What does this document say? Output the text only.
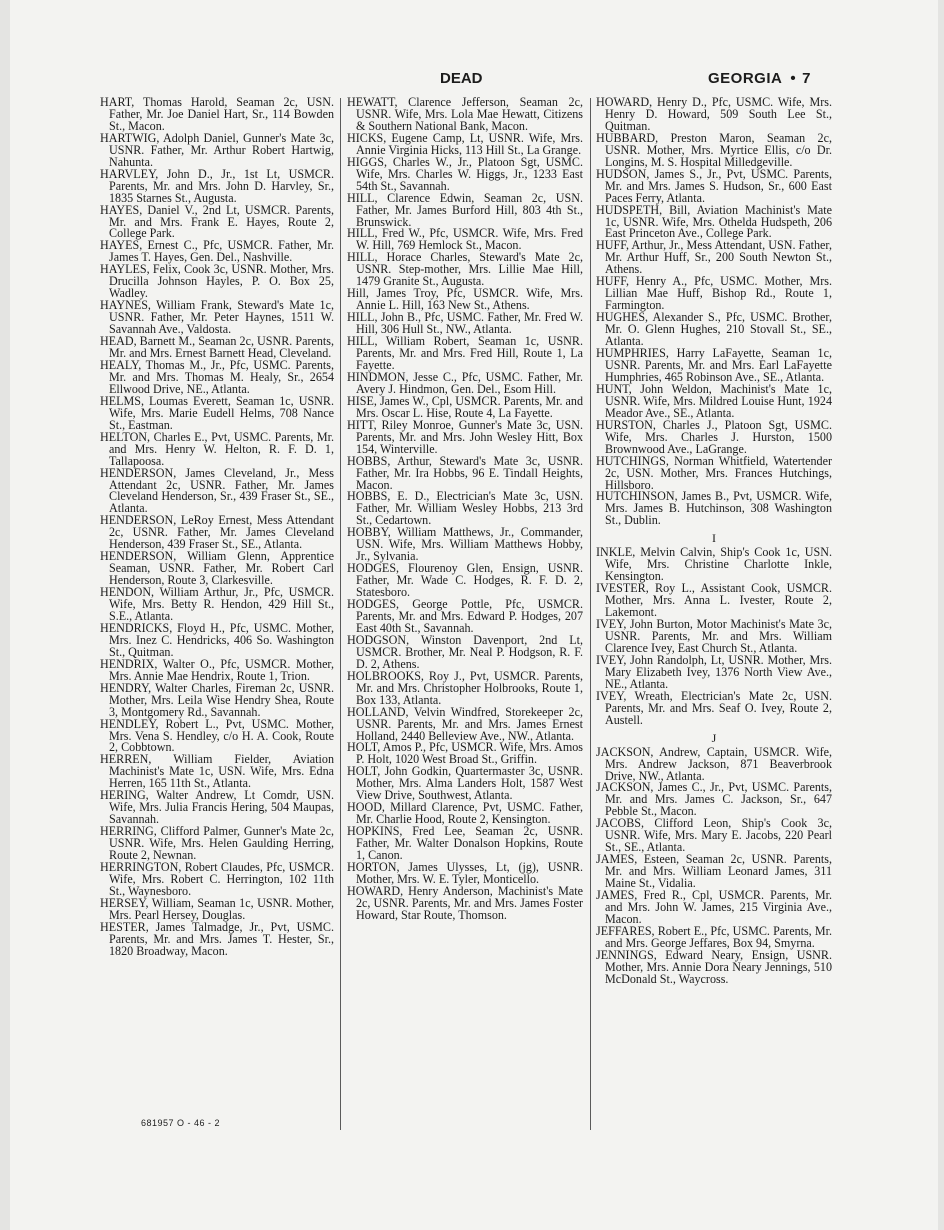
DEAD	GEORGIA • 7

HART, Thomas Harold, Seaman 2c, USN. Father, Mr. Joe Daniel Hart, Sr., 114 Bowden St., Macon.

HARTWIG, Adolph Daniel, Gunner's Mate 3c, USNR. Father, Mr. Arthur Robert Hartwig, Nahunta.

HARVLEY, John D., Jr., 1st Lt, USMCR. Parents, Mr. and Mrs. John D. Harvley, Sr., 1835 Starnes St., Augusta.

HAYES, Daniel V., 2nd Lt, USMCR. Parents, Mr. and Mrs. Frank E. Hayes, Route 2, College Park.

HAYES, Ernest C., Pfc, USMCR. Father, Mr. James T. Hayes, Gen. Del., Nashville.

HAYLES, Felix, Cook 3c, USNR. Mother, Mrs. Drucilla Johnson Hayles, P. O. Box 25, Wadley.

HAYNES, William Frank, Steward's Mate 1c, USNR. Father, Mr. Peter Haynes, 1511 W. Savannah Ave., Valdosta.

HEAD, Barnett M., Seaman 2c, USNR. Parents, Mr. and Mrs. Ernest Barnett Head, Cleveland.

HEALY, Thomas M., Jr., Pfc, USMC. Parents, Mr. and Mrs. Thomas M. Healy, Sr., 2654 Ellwood Drive, NE., Atlanta.

HELMS, Loumas Everett, Seaman 1c, USNR. Wife, Mrs. Marie Eudell Helms, 708 Nance St., Eastman.

HELTON, Charles E., Pvt, USMC. Parents, Mr. and Mrs. Henry W. Helton, R. F. D. 1, Tallapoosa.

HENDERSON, James Cleveland, Jr., Mess Attendant 2c, USNR. Father, Mr. James Cleveland Henderson, Sr., 439 Fraser St., SE., Atlanta.

HENDERSON, LeRoy Ernest, Mess Attendant 2c, USNR. Father, Mr. James Cleveland Henderson, 439 Fraser St., SE., Atlanta.

HENDERSON, William Glenn, Apprentice Seaman, USNR. Father, Mr. Robert Carl Henderson, Route 3, Clarkesville.

HENDON, William Arthur, Jr., Pfc, USMCR. Wife, Mrs. Betty R. Hendon, 429 Hill St., S.E., Atlanta.

HENDRICKS, Floyd H., Pfc, USMC. Mother, Mrs. Inez C. Hendricks, 406 So. Washington St., Quitman.

HENDRIX, Walter O., Pfc, USMCR. Mother, Mrs. Annie Mae Hendrix, Route 1, Trion.

HENDRY, Walter Charles, Fireman 2c, USNR. Mother, Mrs. Leila Wise Hendry Shea, Route 3, Montgomery Rd., Savannah.

HENDLEY, Robert L., Pvt, USMC. Mother, Mrs. Vena S. Hendley, c/o H. A. Cook, Route 2, Cobbtown.

HERREN, William Fielder, Aviation Machinist's Mate 1c, USN. Wife, Mrs. Edna Herren, 165 11th St., Atlanta.

HERING, Walter Andrew, Lt Comdr, USN. Wife, Mrs. Julia Francis Hering, 504 Maupas, Savannah.

HERRING, Clifford Palmer, Gunner's Mate 2c, USNR. Wife, Mrs. Helen Gaulding Herring, Route 2, Newnan.

HERRINGTON, Robert Claudes, Pfc, USMCR. Wife, Mrs. Robert C. Herrington, 102 11th St., Waynesboro.

HERSEY, William, Seaman 1c, USNR. Mother, Mrs. Pearl Hersey, Douglas.

HESTER, James Talmadge, Jr., Pvt, USMC. Parents, Mr. and Mrs. James T. Hester, Sr., 1820 Broadway, Macon.

HEWATT, Clarence Jefferson, Seaman 2c, USNR. Wife, Mrs. Lola Mae Hewatt, Citizens & Southern National Bank, Macon.

HICKS, Eugene Camp, Lt, USNR. Wife, Mrs. Annie Virginia Hicks, 113 Hill St., La Grange.

HIGGS, Charles W., Jr., Platoon Sgt, USMC. Wife, Mrs. Charles W. Higgs, Jr., 1233 East 54th St., Savannah.

HILL, Clarence Edwin, Seaman 2c, USN. Father, Mr. James Burford Hill, 803 4th St., Brunswick.

HILL, Fred W., Pfc, USMCR. Wife, Mrs. Fred W. Hill, 769 Hemlock St., Macon.

HILL, Horace Charles, Steward's Mate 2c, USNR. Step-mother, Mrs. Lillie Mae Hill, 1479 Granite St., Augusta.

Hill, James Troy, Pfc, USMCR. Wife, Mrs. Annie L. Hill, 163 New St., Athens.

HILL, John B., Pfc, USMC. Father, Mr. Fred W. Hill, 306 Hull St., NW., Atlanta.

HILL, William Robert, Seaman 1c, USNR. Parents, Mr. and Mrs. Fred Hill, Route 1, La Fayette.

HINDMON, Jesse C., Pfc, USMC. Father, Mr. Avery J. Hindmon, Gen. Del., Esom Hill.

HISE, James W., Cpl, USMCR. Parents, Mr. and Mrs. Oscar L. Hise, Route 4, La Fayette.

HITT, Riley Monroe, Gunner's Mate 3c, USN. Parents, Mr. and Mrs. John Wesley Hitt, Box 154, Winterville.

HOBBS, Arthur, Steward's Mate 3c, USNR. Father, Mr. Ira Hobbs, 96 E. Tindall Heights, Macon.

HOBBS, E. D., Electrician's Mate 3c, USN. Father, Mr. William Wesley Hobbs, 213 3rd St., Cedartown.

HOBBY, William Matthews, Jr., Commander, USN. Wife, Mrs. William Matthews Hobby, Jr., Sylvania.

HODGES, Flourenoy Glen, Ensign, USNR. Father, Mr. Wade C. Hodges, R. F. D. 2, Statesboro.

HODGES, George Pottle, Pfc, USMCR. Parents, Mr. and Mrs. Edward P. Hodges, 207 East 40th St., Savannah.

HODGSON, Winston Davenport, 2nd Lt, USMCR. Brother, Mr. Neal P. Hodgson, R. F. D. 2, Athens.

HOLBROOKS, Roy J., Pvt, USMCR. Parents, Mr. and Mrs. Christopher Holbrooks, Route 1, Box 133, Atlanta.

HOLLAND, Velvin Windfred, Storekeeper 2c, USNR. Parents, Mr. and Mrs. James Ernest Holland, 2440 Belleview Ave., NW., Atlanta.

HOLT, Amos P., Pfc, USMCR. Wife, Mrs. Amos P. Holt, 1020 West Broad St., Griffin.

HOLT, John Godkin, Quartermaster 3c, USNR. Mother, Mrs. Alma Landers Holt, 1587 West View Drive, Southwest, Atlanta.

HOOD, Millard Clarence, Pvt, USMC. Father, Mr. Charlie Hood, Route 2, Kensington.

HOPKINS, Fred Lee, Seaman 2c, USNR. Father, Mr. Walter Donalson Hopkins, Route 1, Canon.

HORTON, James Ulysses, Lt, (jg), USNR. Mother, Mrs. W. E. Tyler, Monticello.

HOWARD, Henry Anderson, Machinist's Mate 2c, USNR. Parents, Mr. and Mrs. James Foster Howard, Star Route, Thomson.

HOWARD, Henry D., Pfc, USMC. Wife, Mrs. Henry D. Howard, 509 South Lee St., Quitman.

HUBBARD, Preston Maron, Seaman 2c, USNR. Mother, Mrs. Myrtice Ellis, c/o Dr. Longins, M. S. Hospital Milledgeville.

HUDSON, James S., Jr., Pvt, USMC. Parents, Mr. and Mrs. James S. Hudson, Sr., 600 East Paces Ferry, Atlanta.

HUDSPETH, Bill, Aviation Machinist's Mate 1c, USNR. Wife, Mrs. Othelda Hudspeth, 206 East Princeton Ave., College Park.

HUFF, Arthur, Jr., Mess Attendant, USN. Father, Mr. Arthur Huff, Sr., 200 South Newton St., Athens.

HUFF, Henry A., Pfc, USMC. Mother, Mrs. Lillian Mae Huff, Bishop Rd., Route 1, Farmington.

HUGHES, Alexander S., Pfc, USMC. Brother, Mr. O. Glenn Hughes, 210 Stovall St., SE., Atlanta.

HUMPHRIES, Harry LaFayette, Seaman 1c, USNR. Parents, Mr. and Mrs. Earl LaFayette Humphries, 465 Robinson Ave., SE., Atlanta.

HUNT, John Weldon, Machinist's Mate 1c, USNR. Wife, Mrs. Mildred Louise Hunt, 1924 Meador Ave., SE., Atlanta.

HURSTON, Charles J., Platoon Sgt, USMC. Wife, Mrs. Charles J. Hurston, 1500 Brownwood Ave., LaGrange.

HUTCHINGS, Norman Whitfield, Watertender 2c, USN. Mother, Mrs. Frances Hutchings, Hillsboro.

HUTCHINSON, James B., Pvt, USMCR. Wife, Mrs. James B. Hutchinson, 308 Washington St., Dublin.

I

INKLE, Melvin Calvin, Ship's Cook 1c, USN. Wife, Mrs. Christine Charlotte Inkle, Kensington.

IVESTER, Roy L., Assistant Cook, USMCR. Mother, Mrs. Anna L. Ivester, Route 2, Lakemont.

IVEY, John Burton, Motor Machinist's Mate 3c, USNR. Parents, Mr. and Mrs. William Clarence Ivey, East Church St., Atlanta.

IVEY, John Randolph, Lt, USNR. Mother, Mrs. Mary Elizabeth Ivey, 1376 North View Ave., NE., Atlanta.

IVEY, Wreath, Electrician's Mate 2c, USN. Parents, Mr. and Mrs. Seaf O. Ivey, Route 2, Austell.

J

JACKSON, Andrew, Captain, USMCR. Wife, Mrs. Andrew Jackson, 871 Beaverbrook Drive, NW., Atlanta.

JACKSON, James C., Jr., Pvt, USMC. Parents, Mr. and Mrs. James C. Jackson, Sr., 647 Pebble St., Macon.

JACOBS, Clifford Leon, Ship's Cook 3c, USNR. Wife, Mrs. Mary E. Jacobs, 220 Pearl St., SE., Atlanta.

JAMES, Esteen, Seaman 2c, USNR. Parents, Mr. and Mrs. William Leonard James, 311 Maine St., Vidalia.

JAMES, Fred R., Cpl, USMCR. Parents, Mr. and Mrs. John W. James, 215 Virginia Ave., Macon.

JEFFARES, Robert E., Pfc, USMC. Parents, Mr. and Mrs. George Jeffares, Box 94, Smyrna.

JENNINGS, Edward Neary, Ensign, USNR. Mother, Mrs. Annie Dora Neary Jennings, 510 McDonald St., Waycross.

681957 O - 46 - 2
